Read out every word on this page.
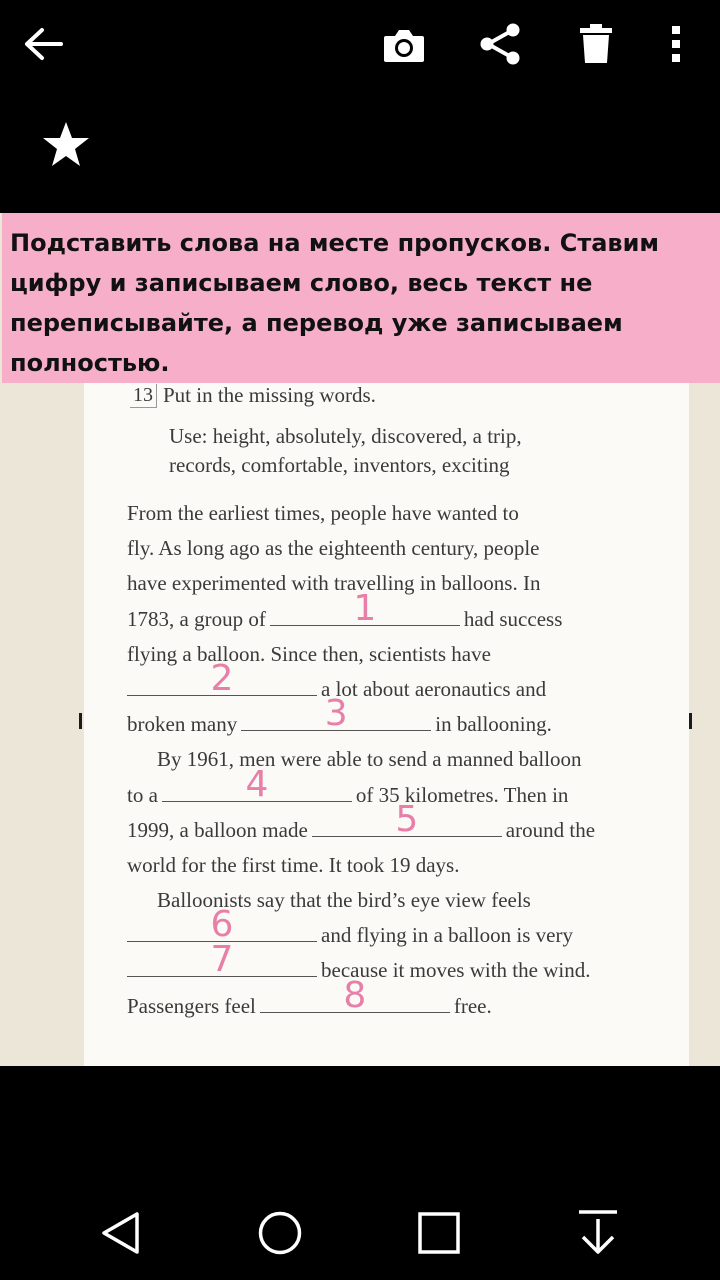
13 Put in the missing words.
Use: height, absolutely, discovered, a trip,
records, comfortable, inventors, exciting
From the earliest times, people have wanted to
fly. As long ago as the eighteenth century, people
have experimented with travelling in balloons. In
1783, a group of 1	had success
flying a balloon. Since then, scientists have
2	a lot about aeronautics and
broken many 3	in ballooning.
By 1961, men were able to send a manned balloon
to a 4	of 35 kilometres. Then in
1999, a balloon made 5	around the
world for the first time. It took 19 days.
Balloonists say that the bird’s eye view feels
6	and flying in a balloon is very
7	because it moves with the wind.
Passengers feel 8	free.

Подставить слова на месте пропусков. Ставим цифру и записываем слово, весь текст не переписывайте, а перевод уже записываем полностью.
